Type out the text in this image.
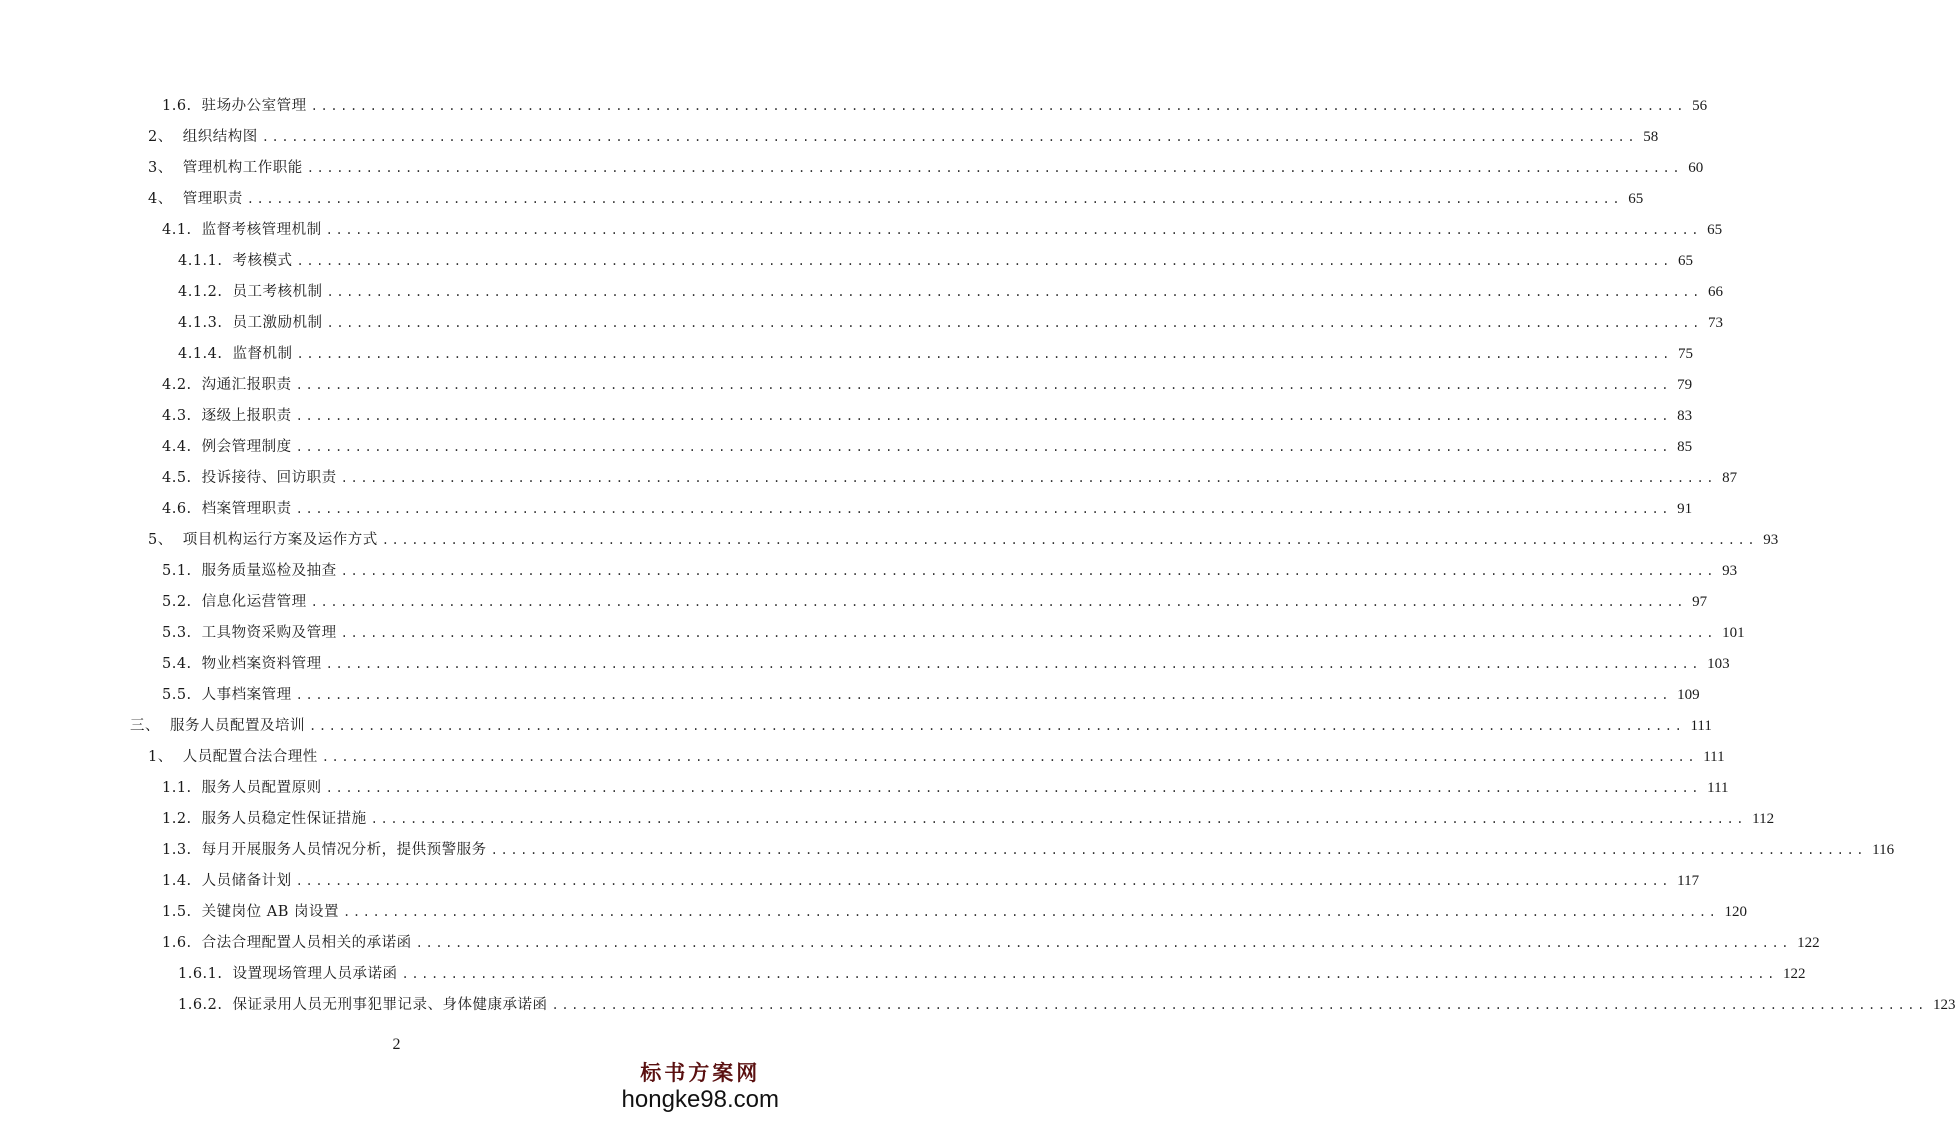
1.6. 驻场办公室管理 ............................................................................................................................................ 56
2、 组织结构图 ............................................................................................................................................ 58
3、 管理机构工作职能 ............................................................................................................................................ 60
4、 管理职责 ............................................................................................................................................ 65
4.1. 监督考核管理机制 ............................................................................................................................................ 65
4.1.1. 考核模式 ............................................................................................................................................ 65
4.1.2. 员工考核机制 ............................................................................................................................................ 66
4.1.3. 员工激励机制 ............................................................................................................................................ 73
4.1.4. 监督机制 ............................................................................................................................................ 75
4.2. 沟通汇报职责 ............................................................................................................................................ 79
4.3. 逐级上报职责 ............................................................................................................................................ 83
4.4. 例会管理制度 ............................................................................................................................................ 85
4.5. 投诉接待、回访职责 ............................................................................................................................................ 87
4.6. 档案管理职责 ............................................................................................................................................ 91
5、 项目机构运行方案及运作方式 ............................................................................................................................................ 93
5.1. 服务质量巡检及抽查 ............................................................................................................................................ 93
5.2. 信息化运营管理 ............................................................................................................................................ 97
5.3. 工具物资采购及管理 ............................................................................................................................................ 101
5.4. 物业档案资料管理 ............................................................................................................................................ 103
5.5. 人事档案管理 ............................................................................................................................................ 109
三、 服务人员配置及培训 ............................................................................................................................................ 111
1、 人员配置合法合理性 ............................................................................................................................................ 111
1.1. 服务人员配置原则 ............................................................................................................................................ 111
1.2. 服务人员稳定性保证措施 ............................................................................................................................................ 112
1.3. 每月开展服务人员情况分析，提供预警服务 ............................................................................................................................................ 116
1.4. 人员储备计划 ............................................................................................................................................ 117
1.5. 关键岗位 AB 岗设置 ............................................................................................................................................ 120
1.6. 合法合理配置人员相关的承诺函 ............................................................................................................................................ 122
1.6.1. 设置现场管理人员承诺函 ............................................................................................................................................ 122
1.6.2. 保证录用人员无刑事犯罪记录、身体健康承诺函 ............................................................................................................................................ 123
2
标书方案网
hongke98.com
